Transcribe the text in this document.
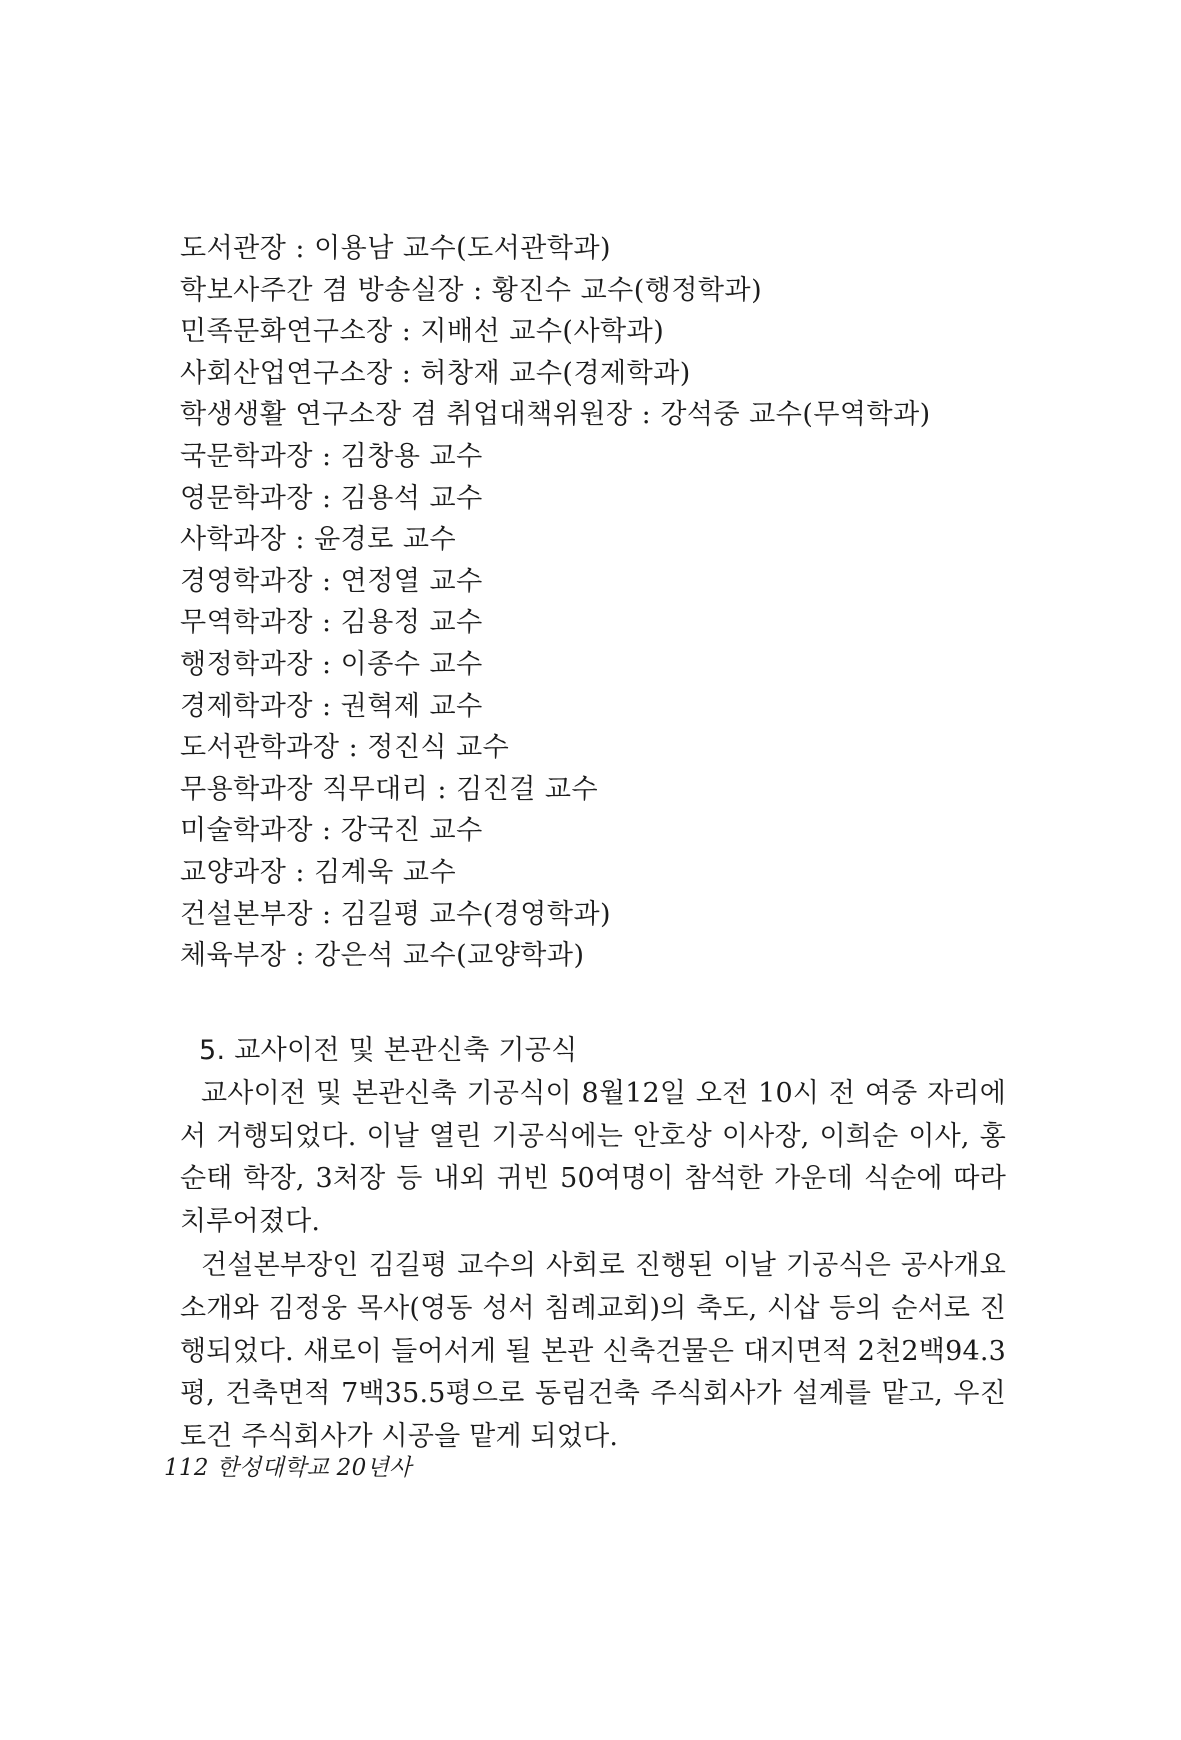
도서관장 : 이용남 교수(도서관학과)
학보사주간 겸 방송실장 : 황진수 교수(행정학과)
민족문화연구소장 : 지배선 교수(사학과)
사회산업연구소장 : 허창재 교수(경제학과)
학생생활 연구소장 겸 취업대책위원장 : 강석중 교수(무역학과)
국문학과장 : 김창용 교수
영문학과장 : 김용석 교수
사학과장 : 윤경로 교수
경영학과장 : 연정열 교수
무역학과장 : 김용정 교수
행정학과장 : 이종수 교수
경제학과장 : 권혁제 교수
도서관학과장 : 정진식 교수
무용학과장 직무대리 : 김진걸 교수
미술학과장 : 강국진 교수
교양과장 : 김계욱 교수
건설본부장 : 김길평 교수(경영학과)
체육부장 : 강은석 교수(교양학과)
5. 교사이전 및 본관신축 기공식

교사이전 및 본관신축 기공식이 8월12일 오전 10시 전 여중 자리에서 거행되었다. 이날 열린 기공식에는 안호상 이사장, 이희순 이사, 홍순태 학장, 3처장 등 내외 귀빈 50여명이 참석한 가운데 식순에 따라 치루어졌다.

건설본부장인 김길평 교수의 사회로 진행된 이날 기공식은 공사개요 소개와 김정웅 목사(영동 성서 침례교회)의 축도, 시삽 등의 순서로 진행되었다. 새로이 들어서게 될 본관 신축건물은 대지면적 2천2백94.3평, 건축면적 7백35.5평으로 동림건축 주식회사가 설계를 맡고, 우진토건 주식회사가 시공을 맡게 되었다.

112 한성대학교 20년사
